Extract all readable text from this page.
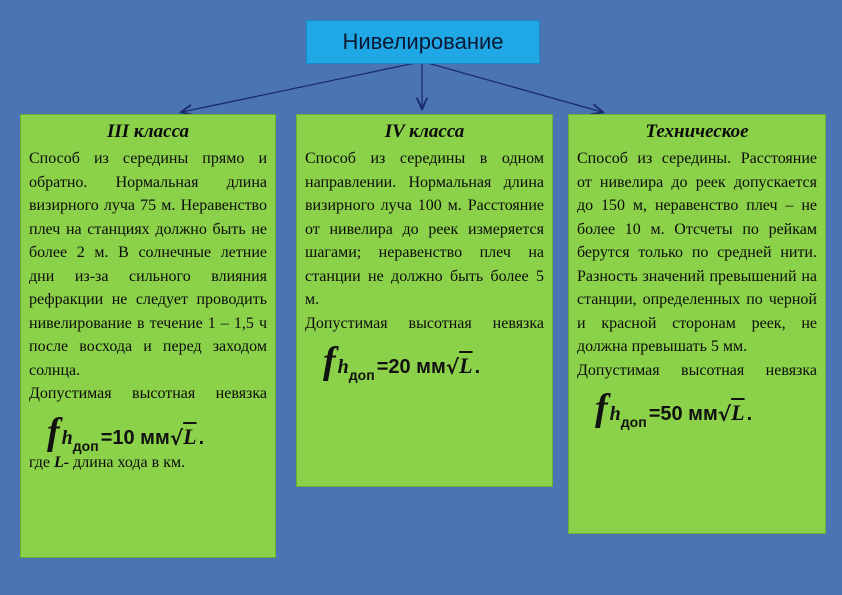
Нивелирование
III класса

Способ из середины прямо и обратно. Нормальная длина визирного луча 75 м. Неравенство плеч на станциях должно быть не более 2 м. В солнечные летние дни из-за сильного влияния рефракции не следует проводить нивелирование в течение 1 – 1,5 ч после восхода и перед заходом солнца.

Допустимая высотная невязка

f h доп =10 мм √ L .
где L- длина хода в км.
IV класса

Способ из середины в одном направлении. Нормальная длина визирного луча 100 м. Расстояние от нивелира до реек измеряется шагами; неравенство плеч на станции не должно быть более 5 м.

Допустимая высотная невязка

f h доп =20 мм √ L .
Техническое

Способ из середины. Расстояние от нивелира до реек допускается до 150 м, неравенство плеч – не более 10 м. Отсчеты по рейкам берутся только по средней нити. Разность значений превышений на станции, определенных по черной и красной сторонам реек, не должна превышать 5 мм.

Допустимая высотная невязка

f h доп =50 мм √ L .
